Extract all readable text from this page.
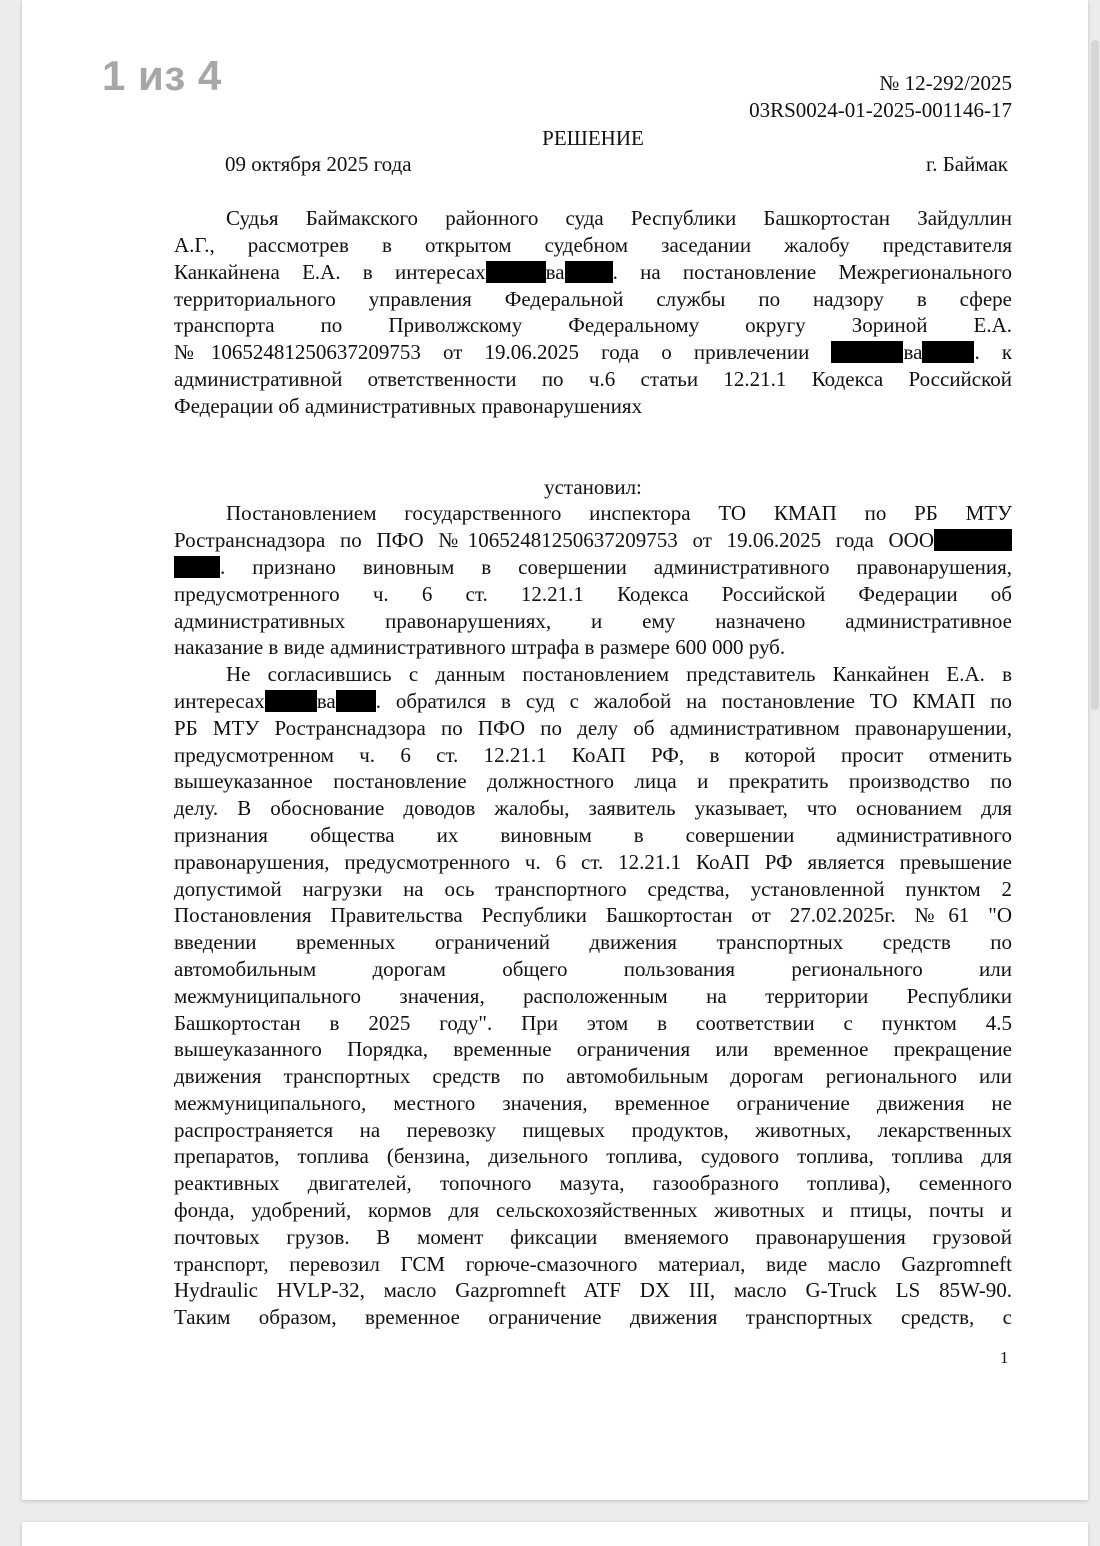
1 из 4	№ 12-292/2025
03RS0024-01-2025-001146-17
РЕШЕНИЕ
09 октября 2025 года	г. Баймак
Судья Баймакского районного суда Республики Башкортостан Зайдуллин
А.Г., рассмотрев в открытом судебном заседании жалобу представителя
Канкайнена Е.А. в интересах	ва . на постановление Межрегионального
территориального управления Федеральной службы по надзору в сфере
транспорта по Приволжскому Федеральному округу Зориной Е.А.
№10652481250637209753 от 19.06.2025 года о привлечении	ва . к
административной ответственности по ч.6 статьи 12.21.1 Кодекса Российской
Федерации об административных правонарушениях
установил:
Постановлением государственного инспектора ТО КМАП по РБ МТУ
Ространснадзора по ПФО №10652481250637209753 от 19.06.2025 года ООО
. признано виновным в совершении административного правонарушения,
предусмотренного ч. 6 ст. 12.21.1 Кодекса Российской Федерации об
административных правонарушениях, и ему назначено административное
наказание в виде административного штрафа в размере 600 000 руб.
Не согласившись с данным постановлением представитель Канкайнен Е.А. в
интересах ва . обратился в суд с жалобой на постановление ТО КМАП по
РБ МТУ Ространснадзора по ПФО по делу об административном правонарушении,
предусмотренном ч. 6 ст. 12.21.1 КоАП РФ, в которой просит отменить
вышеуказанное постановление должностного лица и прекратить производство по
делу. В обоснование доводов жалобы, заявитель указывает, что основанием для
признания общества их виновным в совершении административного
правонарушения, предусмотренного ч. 6 ст. 12.21.1 КоАП РФ является превышение
допустимой нагрузки на ось транспортного средства, установленной пунктом 2
Постановления Правительства Республики Башкортостан от 27.02.2025г. №61 "О
введении временных ограничений движения транспортных средств по
автомобильным дорогам общего пользования регионального или
межмуниципального значения, расположенным на территории Республики
Башкортостан в 2025 году". При этом в соответствии с пунктом 4.5
вышеуказанного Порядка, временные ограничения или временное прекращение
движения транспортных средств по автомобильным дорогам регионального или
межмуниципального, местного значения, временное ограничение движения не
распространяется на перевозку пищевых продуктов, животных, лекарственных
препаратов, топлива (бензина, дизельного топлива, судового топлива, топлива для
реактивных двигателей, топочного мазута, газообразного топлива), семенного
фонда, удобрений, кормов для сельскохозяйственных животных и птицы, почты и
почтовых грузов. В момент фиксации вменяемого правонарушения грузовой
транспорт, перевозил ГСМ горюче-смазочного материал, виде масло Gazpromneft
Hydraulic HVLP-32, масло Gazpromneft ATF DX III, масло G-Truck LS 85W-90.
Таким образом, временное ограничение движения транспортных средств, с
1
